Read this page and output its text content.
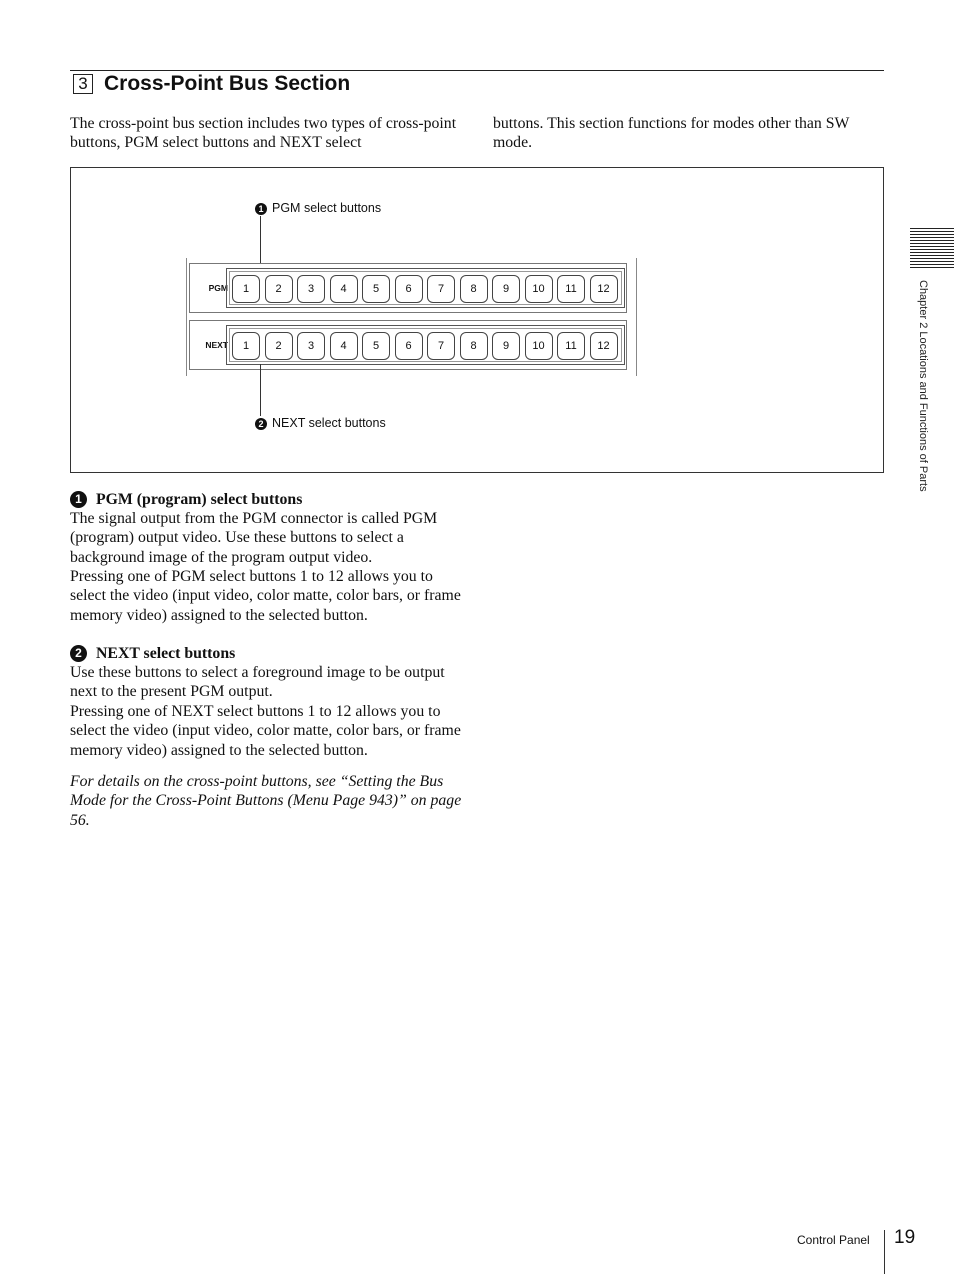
3 Cross-Point Bus Section
The cross-point bus section includes two types of cross-point buttons, PGM select buttons and NEXT select
buttons. This section functions for modes other than SW mode.
1 PGM select buttons
PGM	1	2	3	4	5	6	7	8	9	10	11	12
NEXT	1	2	3	4	5	6	7	8	9	10	11	12
2 NEXT select buttons
1 PGM (program) select buttons
The signal output from the PGM connector is called PGM (program) output video. Use these buttons to select a background image of the program output video.
Pressing one of PGM select buttons 1 to 12 allows you to select the video (input video, color matte, color bars, or frame memory video) assigned to the selected button.
2 NEXT select buttons
Use these buttons to select a foreground image to be output next to the present PGM output.
Pressing one of NEXT select buttons 1 to 12 allows you to select the video (input video, color matte, color bars, or frame memory video) assigned to the selected button.
For details on the cross-point buttons, see “Setting the Bus Mode for the Cross-Point Buttons (Menu Page 943)” on page 56.
Chapter 2 Locations and Functions of Parts
Control Panel 19
